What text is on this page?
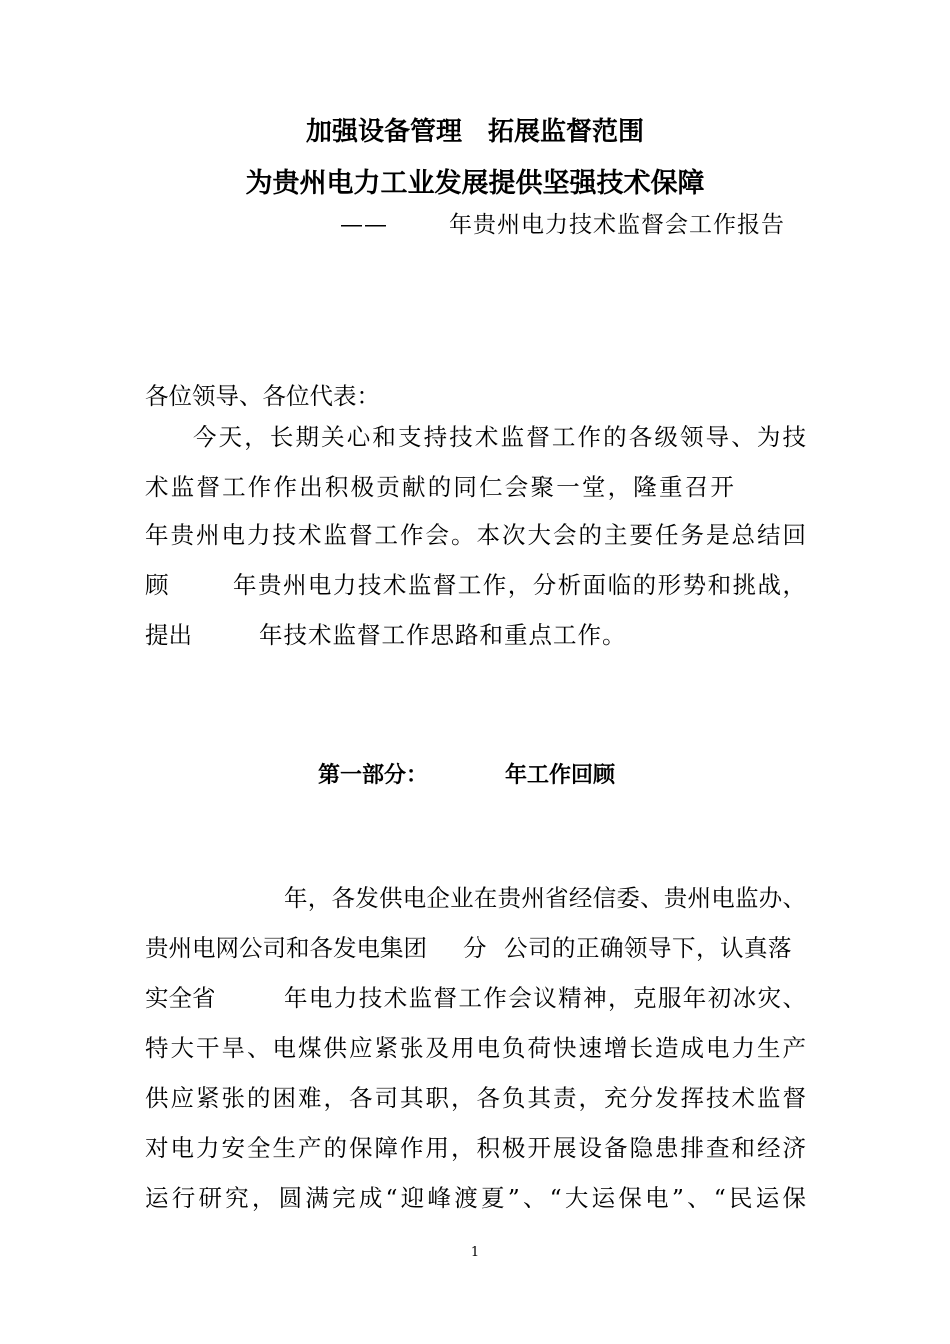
加强设备管理　拓展监督范围
为贵州电力工业发展提供坚强技术保障
——	年贵州电力技术监督会工作报告
各位领导、各位代表：
今天，长期关心和支持技术监督工作的各级领导、为技
术监督工作作出积极贡献的同仁会聚一堂，隆重召开
年贵州电力技术监督工作会。本次大会的主要任务是总结回
顾	年贵州电力技术监督工作，分析面临的形势和挑战，
提出	年技术监督工作思路和重点工作。
第一部分：	年工作回顾
年，各发供电企业在贵州省经信委、贵州电监办、
贵州电网公司和各发电集团 分 公司的正确领导下，认真落
实全省	年电力技术监督工作会议精神，克服年初冰灾、
特大干旱、电煤供应紧张及用电负荷快速增长造成电力生产
供应紧张的困难，各司其职，各负其责，充分发挥技术监督
对电力安全生产的保障作用，积极开展设备隐患排查和经济
运行研究，圆满完成“迎峰渡夏”、“大运保电”、“民运保
1
